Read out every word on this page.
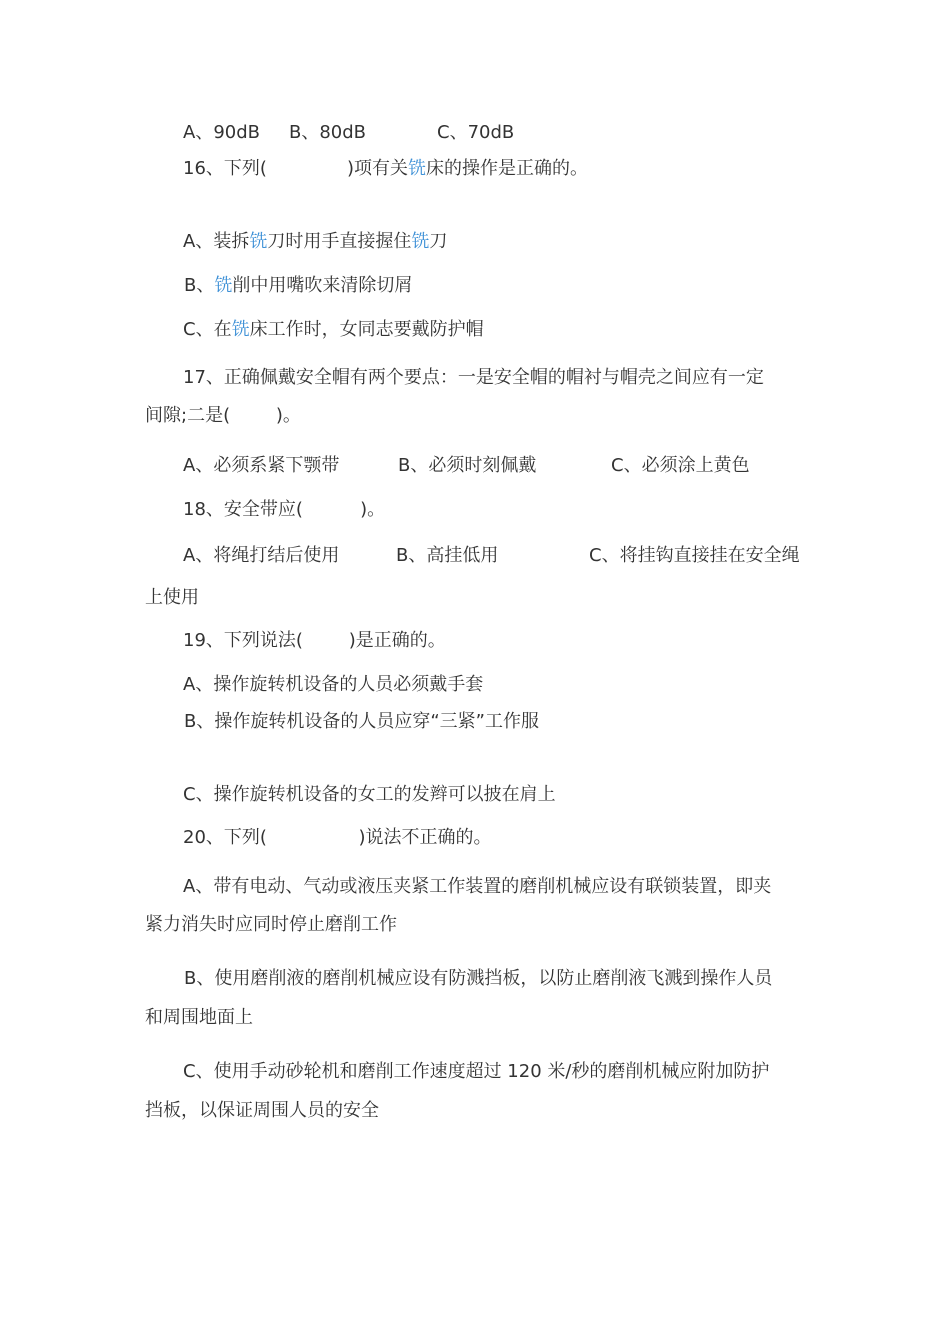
A、90dB B、80dB	C、70dB
16、下列(	)项有关铣床的操作是正确的。
A、装拆铣刀时用手直接握住铣刀
B、铣削中用嘴吹来清除切屑
C、在铣床工作时，女同志要戴防护帽
17、正确佩戴安全帽有两个要点：一是安全帽的帽衬与帽壳之间应有一定
间隙;二是(        )。
A、必须系紧下颚带	B、必须时刻佩戴	C、必须涂上黄色
18、安全带应(          )。
A、将绳打结后使用	B、高挂低用	C、将挂钩直接挂在安全绳
上使用
19、下列说法(        )是正确的。
A、操作旋转机设备的人员必须戴手套
B、操作旋转机设备的人员应穿“三紧”工作服
C、操作旋转机设备的女工的发辫可以披在肩上
20、下列(                )说法不正确的。
A、带有电动、气动或液压夹紧工作装置的磨削机械应设有联锁装置，即夹
紧力消失时应同时停止磨削工作
B、使用磨削液的磨削机械应设有防溅挡板，以防止磨削液飞溅到操作人员
和周围地面上
C、使用手动砂轮机和磨削工作速度超过 120 米/秒的磨削机械应附加防护
挡板，以保证周围人员的安全
